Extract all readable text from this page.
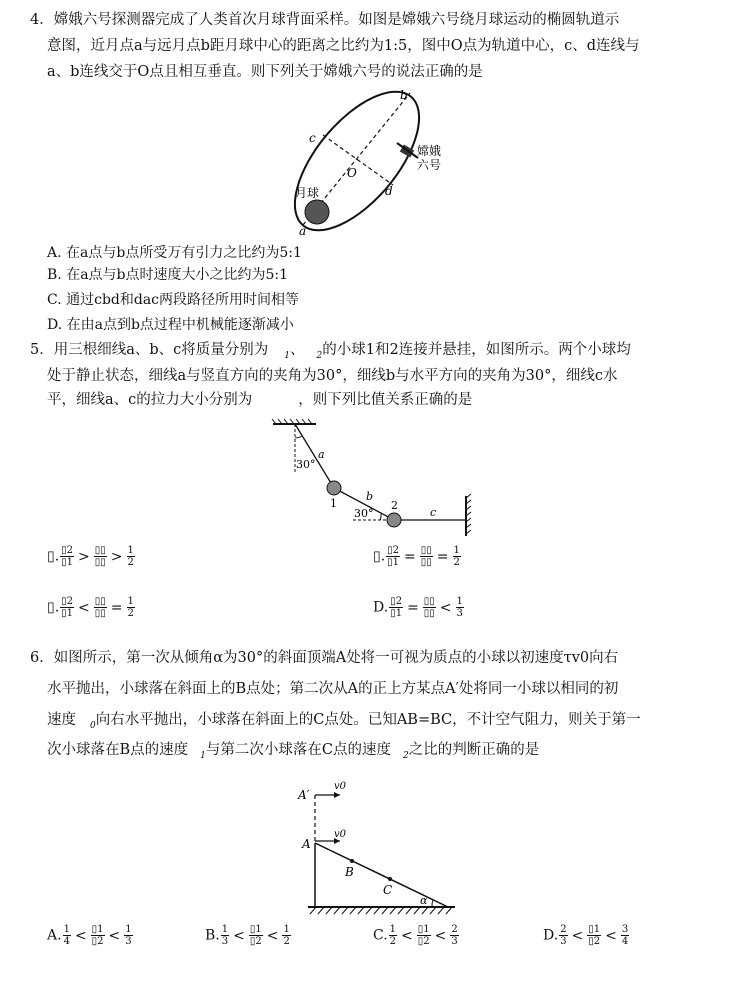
4．嫦娥六号探测器完成了人类首次月球背面采样。如图是嫦娥六号绕月球运动的椭圆轨道示
意图，近月点a与远月点b距月球中心的距离之比约为1:5，图中O点为轨道中心，c、d连线与
a、b连线交于O点且相互垂直。则下列关于嫦娥六号的说法正确的是
b
c
O
d
a
月球
嫦娥
六号
A. 在a点与b点所受万有引力之比约为5:1
B. 在a点与b点时速度大小之比约为5:1
C. 通过cbd和dac两段路径所用时间相等
D. 在由a点到b点过程中机械能逐渐减小
5．用三根细线a、b、c将质量分别为 $_1$、 $_2$的小球1和2连接并悬挂，如图所示。两个小球均
处于静止状态，细线a与竖直方向的夹角为30°，细线b与水平方向的夹角为30°，细线c水
平，细线a、c的拉力大小分别为	，则下列比值关系正确的是
30°
a
b
c
30°
1	2
▯. $\frac{▯2}{▯1} > \frac{▯▯}{▯▯} > \frac{1}{2}$	▯. $\frac{▯2}{▯1} = \frac{▯▯}{▯▯} = \frac{1}{2}$
▯. $\frac{▯2}{▯1} < \frac{▯▯}{▯▯} = \frac{1}{2}$	D. $\frac{▯2}{▯1} = \frac{▯▯}{▯▯} < \frac{1}{3}$
6．如图所示，第一次从倾角α为30°的斜面顶端A处将一可视为质点的小球以初速度τv0向右
水平抛出，小球落在斜面上的B点处；第二次从A的正上方某点A′处将同一小球以相同的初
速度 $_0$向右水平抛出，小球落在斜面上的C点处。已知AB=BC，不计空气阻力，则关于第一
次小球落在B点的速度 $_1$与第二次小球落在C点的速度 $_2$之比的判断正确的是
A′
v0
A
v0
B
C
α
A. $\frac{1}{4} < \frac{▯1}{▯2} < \frac{1}{3}$	B. $\frac{1}{3} < \frac{▯1}{▯2} < \frac{1}{2}$	C. $\frac{1}{2} < \frac{▯1}{▯2} < \frac{2}{3}$	D. $\frac{2}{3} < \frac{▯1}{▯2} < \frac{3}{4}$
